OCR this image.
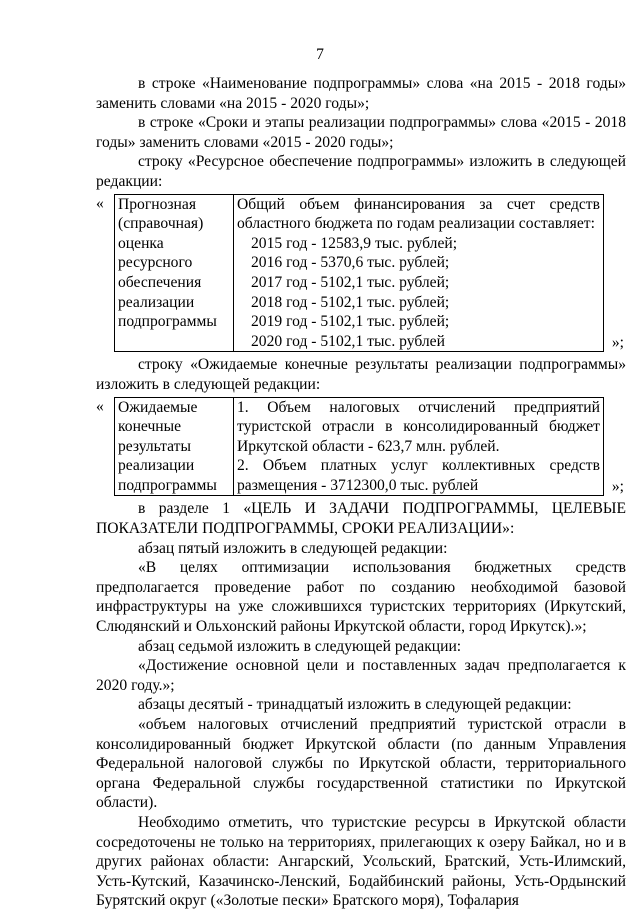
7

в строке «Наименование подпрограммы» слова «на 2015 - 2018 годы» заменить словами «на 2015 - 2020 годы»;

в строке «Сроки и этапы реализации подпрограммы» слова «2015 - 2018 годы» заменить словами «2015 - 2020 годы»;

строку «Ресурсное обеспечение подпрограммы» изложить в следующей редакции:

« Прогнозная (справочная) оценка ресурсного обеспечения реализации подпрограммы	
Общий объем финансирования за счет средств областного бюджета по годам реализации составляет:
2015 год - 12583,9 тыс. рублей;
2016 год - 5370,6 тыс. рублей;
2017 год - 5102,1 тыс. рублей;
2018 год - 5102,1 тыс. рублей;
2019 год - 5102,1 тыс. рублей;
2020 год - 5102,1 тыс. рублей	»;

строку «Ожидаемые конечные результаты реализации подпрограммы» изложить в следующей редакции:

« Ожидаемые конечные результаты реализации подпрограммы	
1. Объем налоговых отчислений предприятий туристской отрасли в консолидированный бюджет Иркутской области - 623,7 млн. рублей.
2. Объем платных услуг коллективных средств размещения - 3712300,0 тыс. рублей	»;

в разделе 1 «ЦЕЛЬ И ЗАДАЧИ ПОДПРОГРАММЫ, ЦЕЛЕВЫЕ ПОКАЗАТЕЛИ ПОДПРОГРАММЫ, СРОКИ РЕАЛИЗАЦИИ»:

абзац пятый изложить в следующей редакции:

«В целях оптимизации использования бюджетных средств предполагается проведение работ по созданию необходимой базовой инфраструктуры на уже сложившихся туристских территориях (Иркутский, Слюдянский и Ольхонский районы Иркутской области, город Иркутск).»;

абзац седьмой изложить в следующей редакции:

«Достижение основной цели и поставленных задач предполагается к 2020 году.»;

абзацы десятый - тринадцатый изложить в следующей редакции:

«объем налоговых отчислений предприятий туристской отрасли в консолидированный бюджет Иркутской области (по данным Управления Федеральной налоговой службы по Иркутской области, территориального органа Федеральной службы государственной статистики по Иркутской области).

Необходимо отметить, что туристские ресурсы в Иркутской области сосредоточены не только на территориях, прилегающих к озеру Байкал, но и в других районах области: Ангарский, Усольский, Братский, Усть-Илимский, Усть-Кутский, Казачинско-Ленский, Бодайбинский районы, Усть-Ордынский Бурятский округ («Золотые пески» Братского моря), Тофалария
